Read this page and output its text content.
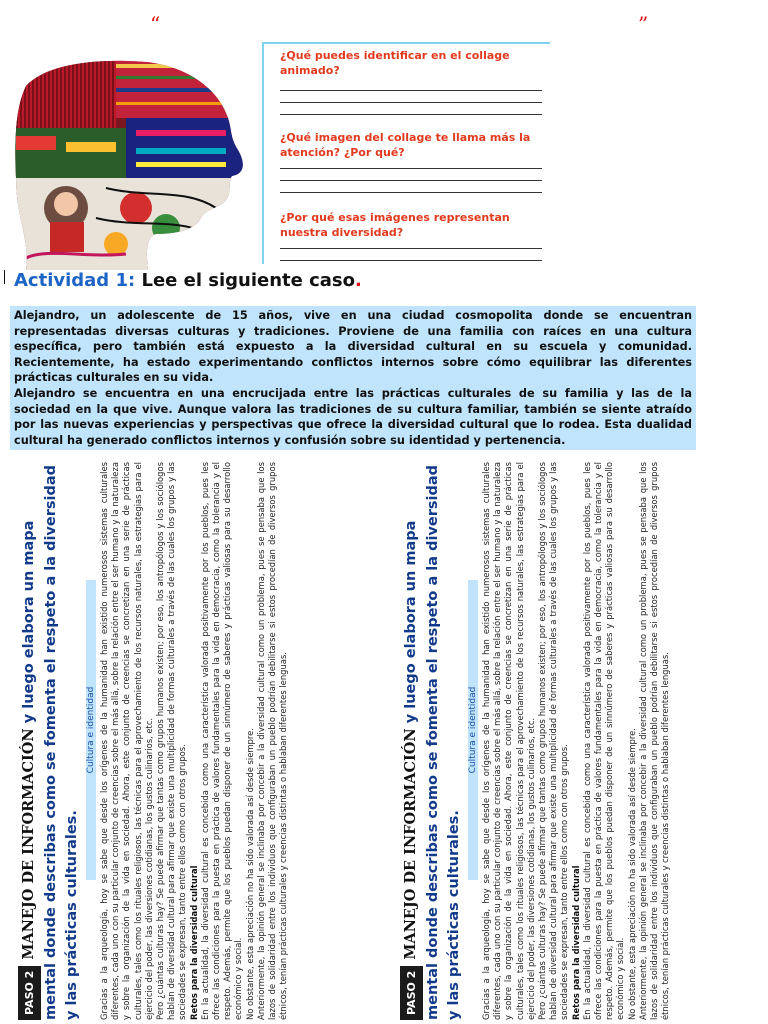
“	”
¿Qué puedes identificar en el collage animado?
¿Qué imagen del collage te llama más la atención? ¿Por qué?
¿Por qué esas imágenes representan nuestra diversidad?
Actividad 1: Lee el siguiente caso.

Alejandro, un adolescente de 15 años, vive en una ciudad cosmopolita donde se encuentran representadas diversas culturas y tradiciones. Proviene de una familia con raíces en una cultura específica, pero también está expuesto a la diversidad cultural en su escuela y comunidad. Recientemente, ha estado experimentando conflictos internos sobre cómo equilibrar las diferentes prácticas culturales en su vida.

Alejandro se encuentra en una encrucijada entre las prácticas culturales de su familia y las de la sociedad en la que vive. Aunque valora las tradiciones de su cultura familiar, también se siente atraído por las nuevas experiencias y perspectivas que ofrece la diversidad cultural que lo rodea. Esta dualidad cultural ha generado conflictos internos y confusión sobre su identidad y pertenencia.

PASO 2MANEJO DE INFORMACIÓN y luego elabora un mapa mental donde describas como se fomenta el respeto a la diversidad y las prácticas culturales.
Cultura e identidad Gracias a la arqueología, hoy se sabe que desde los orígenes de la humanidad han existido numerosos sistemas culturales diferentes, cada uno con su particular conjunto de creencias sobre el más allá, sobre la relación entre el ser humano y la naturaleza y sobre la organización de la vida en sociedad. Ahora, este conjunto de creencias se concretizan en una serie de prácticas culturales, tales como los rituales religiosos, las técnicas para el aprovechamiento de los recursos naturales, las estrategias para el ejercicio del poder, las diversiones cotidianas, los gustos culinarios, etc. Pero ¿cuántas culturas hay? Se puede afirmar que tantas como grupos humanos existen; por eso, los antropólogos y los sociólogos hablan de diversidad cultural para afirmar que existe una multiplicidad de formas culturales a través de las cuales los grupos y las sociedades se expresan, tanto entre ellos como con otros grupos. Retos para la diversidad cultural En la actualidad, la diversidad cultural es concebida como una característica valorada positivamente por los pueblos, pues les ofrece las condiciones para la puesta en práctica de valores fundamentales para la vida en democracia, como la tolerancia y el respeto. Además, permite que los pueblos puedan disponer de un sinnúmero de saberes y prácticas valiosas para su desarrollo económico y social. No obstante, esta apreciación no ha sido valorada así desde siempre. Anteriormente, la opinión general se inclinaba por concebir a la diversidad cultural como un problema, pues se pensaba que los lazos de solidaridad entre los individuos que configuraban un pueblo podrían debilitarse si estos procedían de diversos grupos étnicos, tenían prácticas culturales y creencias distintas o hablaban diferentes lenguas.	PASO 2MANEJO DE INFORMACIÓN y luego elabora un mapa mental donde describas como se fomenta el respeto a la diversidad y las prácticas culturales.
Cultura e identidad Gracias a la arqueología, hoy se sabe que desde los orígenes de la humanidad han existido numerosos sistemas culturales diferentes, cada uno con su particular conjunto de creencias sobre el más allá, sobre la relación entre el ser humano y la naturaleza y sobre la organización de la vida en sociedad. Ahora, este conjunto de creencias se concretizan en una serie de prácticas culturales, tales como los rituales religiosos, las técnicas para el aprovechamiento de los recursos naturales, las estrategias para el ejercicio del poder, las diversiones cotidianas, los gustos culinarios, etc. Pero ¿cuántas culturas hay? Se puede afirmar que tantas como grupos humanos existen; por eso, los antropólogos y los sociólogos hablan de diversidad cultural para afirmar que existe una multiplicidad de formas culturales a través de las cuales los grupos y las sociedades se expresan, tanto entre ellos como con otros grupos. Retos para la diversidad cultural En la actualidad, la diversidad cultural es concebida como una característica valorada positivamente por los pueblos, pues les ofrece las condiciones para la puesta en práctica de valores fundamentales para la vida en democracia, como la tolerancia y el respeto. Además, permite que los pueblos puedan disponer de un sinnúmero de saberes y prácticas valiosas para su desarrollo económico y social. No obstante, esta apreciación no ha sido valorada así desde siempre. Anteriormente, la opinión general se inclinaba por concebir a la diversidad cultural como un problema, pues se pensaba que los lazos de solidaridad entre los individuos que configuraban un pueblo podrían debilitarse si estos procedían de diversos grupos étnicos, tenían prácticas culturales y creencias distintas o hablaban diferentes lenguas.
